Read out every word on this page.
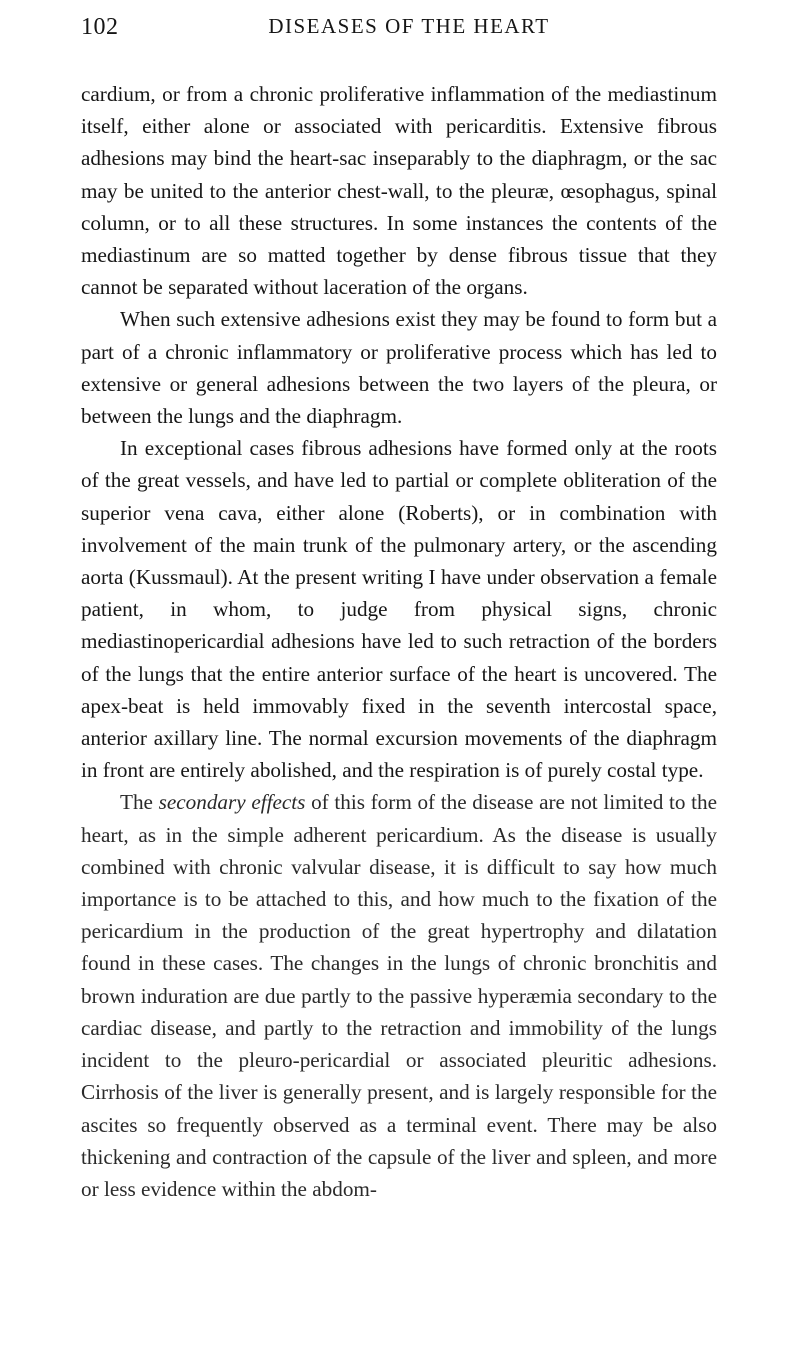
102	DISEASES OF THE HEART

cardium, or from a chronic proliferative inflammation of the mediastinum itself, either alone or associated with pericarditis. Extensive fibrous adhesions may bind the heart-sac inseparably to the diaphragm, or the sac may be united to the anterior chest-wall, to the pleuræ, œsophagus, spinal column, or to all these structures. In some instances the contents of the mediastinum are so matted together by dense fibrous tissue that they cannot be separated without laceration of the organs.

When such extensive adhesions exist they may be found to form but a part of a chronic inflammatory or proliferative process which has led to extensive or general adhesions between the two layers of the pleura, or between the lungs and the diaphragm.

In exceptional cases fibrous adhesions have formed only at the roots of the great vessels, and have led to partial or complete obliteration of the superior vena cava, either alone (Roberts), or in combination with involvement of the main trunk of the pulmonary artery, or the ascending aorta (Kussmaul). At the present writing I have under observation a female patient, in whom, to judge from physical signs, chronic mediastinopericardial adhesions have led to such retraction of the borders of the lungs that the entire anterior surface of the heart is uncovered. The apex-beat is held immovably fixed in the seventh intercostal space, anterior axillary line. The normal excursion movements of the diaphragm in front are entirely abolished, and the respiration is of purely costal type.

The secondary effects of this form of the disease are not limited to the heart, as in the simple adherent pericardium. As the disease is usually combined with chronic valvular disease, it is difficult to say how much importance is to be attached to this, and how much to the fixation of the pericardium in the production of the great hypertrophy and dilatation found in these cases. The changes in the lungs of chronic bronchitis and brown induration are due partly to the passive hyperæmia secondary to the cardiac disease, and partly to the retraction and immobility of the lungs incident to the pleuro-pericardial or associated pleuritic adhesions. Cirrhosis of the liver is generally present, and is largely responsible for the ascites so frequently observed as a terminal event. There may be also thickening and contraction of the capsule of the liver and spleen, and more or less evidence within the abdom-
